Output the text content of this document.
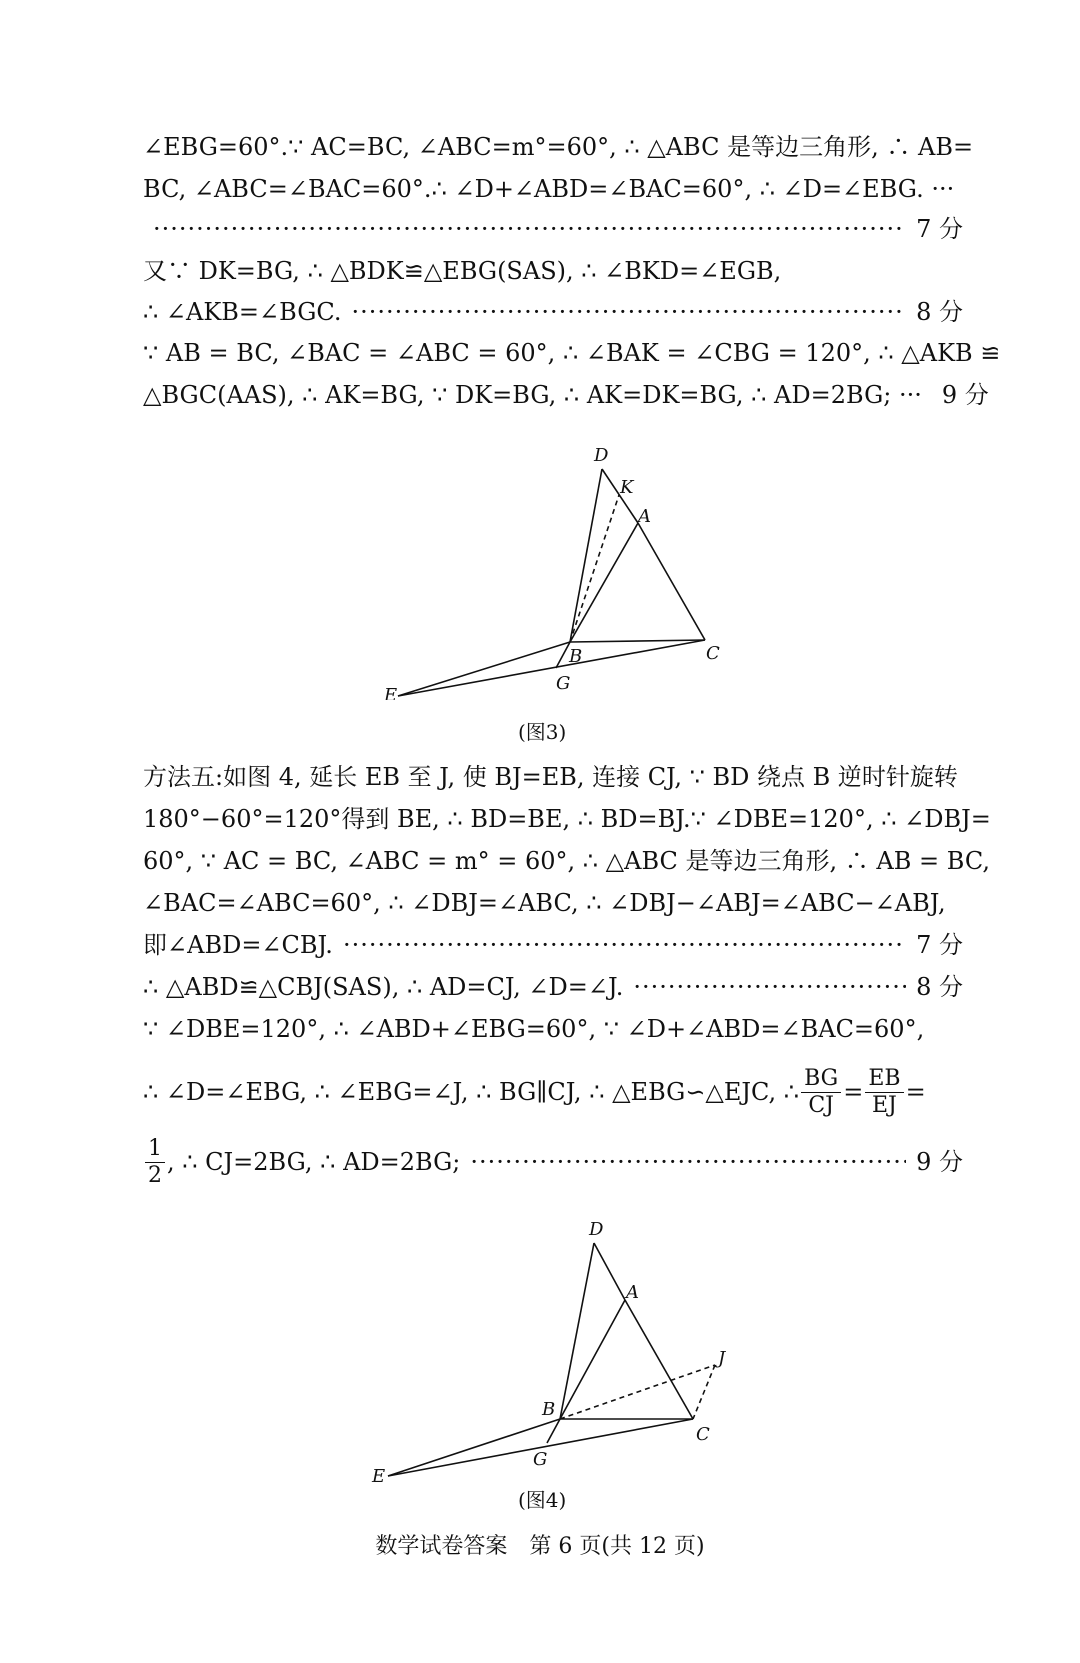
∠EBG=60°.∵ AC=BC, ∠ABC=m°=60°, ∴ △ABC 是等边三角形, ∴ AB=
BC, ∠ABC=∠BAC=60°.∴ ∠D+∠ABD=∠BAC=60°, ∴ ∠D=∠EBG. ···
·····
7 分
又∵ DK=BG, ∴ △BDK≌△EBG(SAS), ∴ ∠BKD=∠EGB,
∴ ∠AKB=∠BGC. ·····	8 分
∵ AB = BC, ∠BAC = ∠ABC = 60°, ∴ ∠BAK = ∠CBG = 120°, ∴ △AKB ≌
△BGC(AAS), ∴ AK=BG, ∵ DK=BG, ∴ AK=DK=BG, ∴ AD=2BG; ··· 9 分
D
K
A
B	C
G
E
(图3)
方法五:如图 4, 延长 EB 至 J, 使 BJ=EB, 连接 CJ, ∵ BD 绕点 B 逆时针旋转
180°−60°=120°得到 BE, ∴ BD=BE, ∴ BD=BJ.∵ ∠DBE=120°, ∴ ∠DBJ=
60°, ∵ AC = BC, ∠ABC = m° = 60°, ∴ △ABC 是等边三角形, ∴ AB = BC,
∠BAC=∠ABC=60°, ∴ ∠DBJ=∠ABC, ∴ ∠DBJ−∠ABJ=∠ABC−∠ABJ,
即∠ABD=∠CBJ. ·····	7 分
∴ △ABD≌△CBJ(SAS), ∴ AD=CJ, ∠D=∠J. ·····	8 分
∵ ∠DBE=120°, ∴ ∠ABD+∠EBG=60°, ∵ ∠D+∠ABD=∠BAC=60°,
∴ ∠D=∠EBG, ∴ ∠EBG=∠J, ∴ BG∥CJ, ∴ △EBG∽△EJC, ∴ $\frac{BG}{CJ} = \frac{EB}{EJ}$ =
$\frac{1}{2}$ , ∴ CJ=2BG, ∴ AD=2BG; ·····	9 分
D
A
J
B
C
G
E
(图4)
数学试卷答案　第 6 页(共 12 页)
